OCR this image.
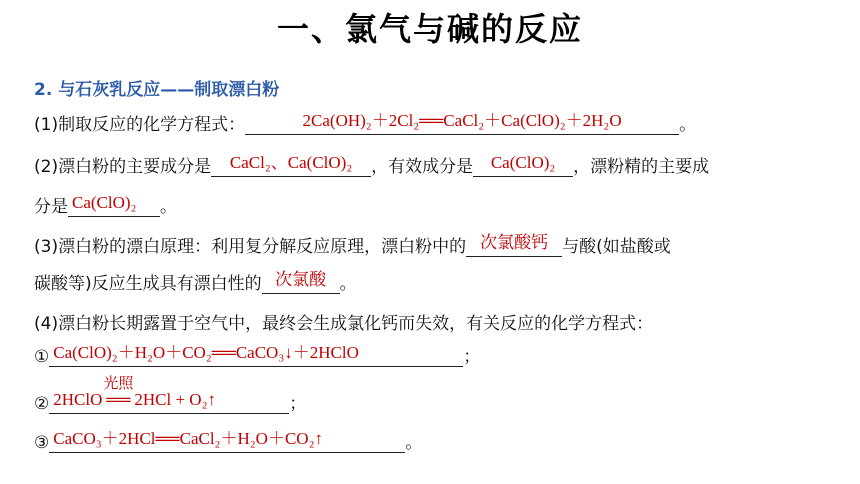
一、氯气与碱的反应
2. 与石灰乳反应——制取漂白粉
(1)制取反应的化学方程式：	2Ca(OH)₂＋2Cl₂══CaCl₂＋Ca(ClO)₂＋2H₂O	。
(2)漂白粉的主要成分是	CaCl₂、Ca(ClO)₂	，有效成分是	Ca(ClO)₂	，漂粉精的主要成
分是 Ca(ClO)₂	。
(3)漂白粉的漂白原理：利用复分解反应原理，漂白粉中的 次氯酸钙 与酸(如盐酸或
碳酸等)反应生成具有漂白性的 次氯酸 。
(4)漂白粉长期露置于空气中，最终会生成氯化钙而失效，有关反应的化学方程式：
① Ca(ClO)₂＋H₂O＋CO₂══CaCO₃↓＋2HClO	；
② 2HClO
光照
══ 2HCl + O₂↑	；
③ CaCO₃＋2HCl══CaCl₂＋H₂O＋CO₂↑	。
